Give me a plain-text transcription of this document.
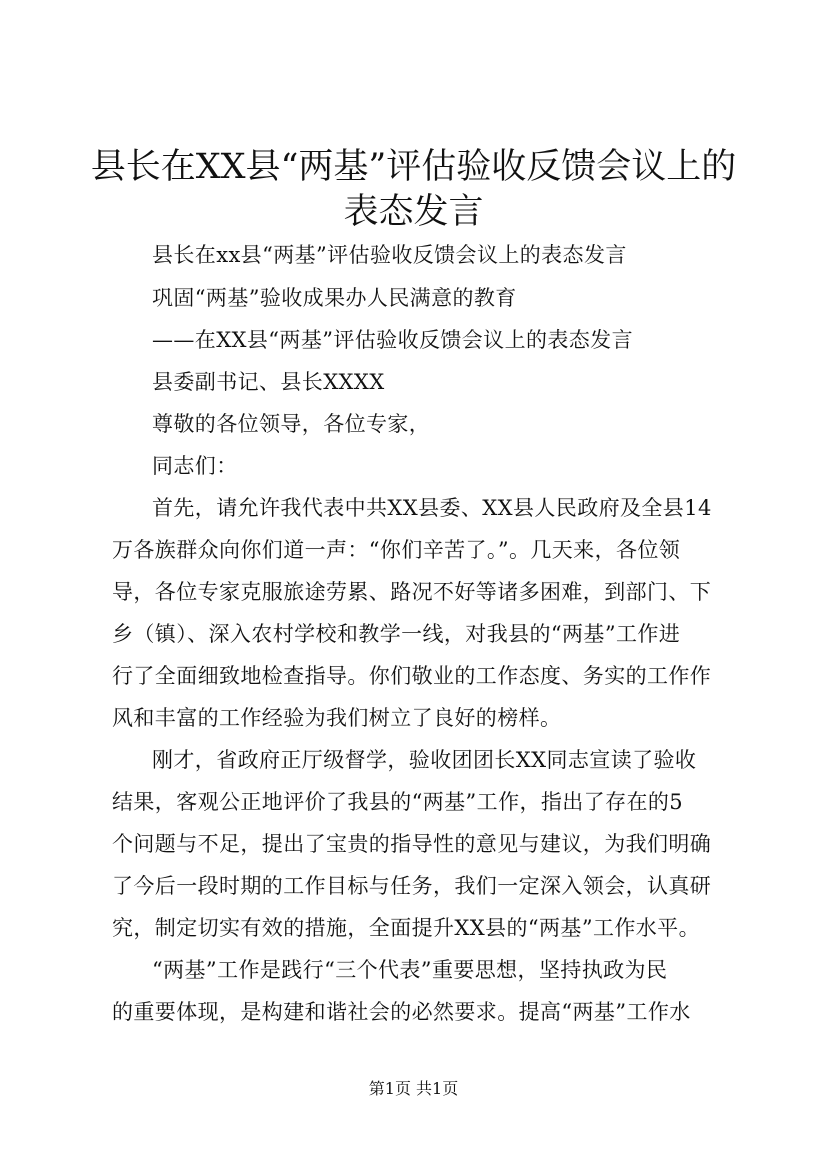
县长在XX县“两基”评估验收反馈会议上的
表态发言
县长在xx县“两基”评估验收反馈会议上的表态发言
巩固“两基”验收成果办人民满意的教育
——在XX县“两基”评估验收反馈会议上的表态发言
县委副书记、县长XXXX
尊敬的各位领导，各位专家，
同志们：
首先，请允许我代表中共XX县委、XX县人民政府及全县14
万各族群众向你们道一声：“你们辛苦了。”。几天来，各位领
导，各位专家克服旅途劳累、路况不好等诸多困难，到部门、下
乡（镇）、深入农村学校和教学一线，对我县的“两基”工作进
行了全面细致地检查指导。你们敬业的工作态度、务实的工作作
风和丰富的工作经验为我们树立了良好的榜样。
刚才，省政府正厅级督学，验收团团长XX同志宣读了验收
结果，客观公正地评价了我县的“两基”工作，指出了存在的5
个问题与不足，提出了宝贵的指导性的意见与建议，为我们明确
了今后一段时期的工作目标与任务，我们一定深入领会，认真研
究，制定切实有效的措施，全面提升XX县的“两基”工作水平。
“两基”工作是践行“三个代表”重要思想，坚持执政为民
的重要体现，是构建和谐社会的必然要求。提高“两基”工作水
第1页 共1页
